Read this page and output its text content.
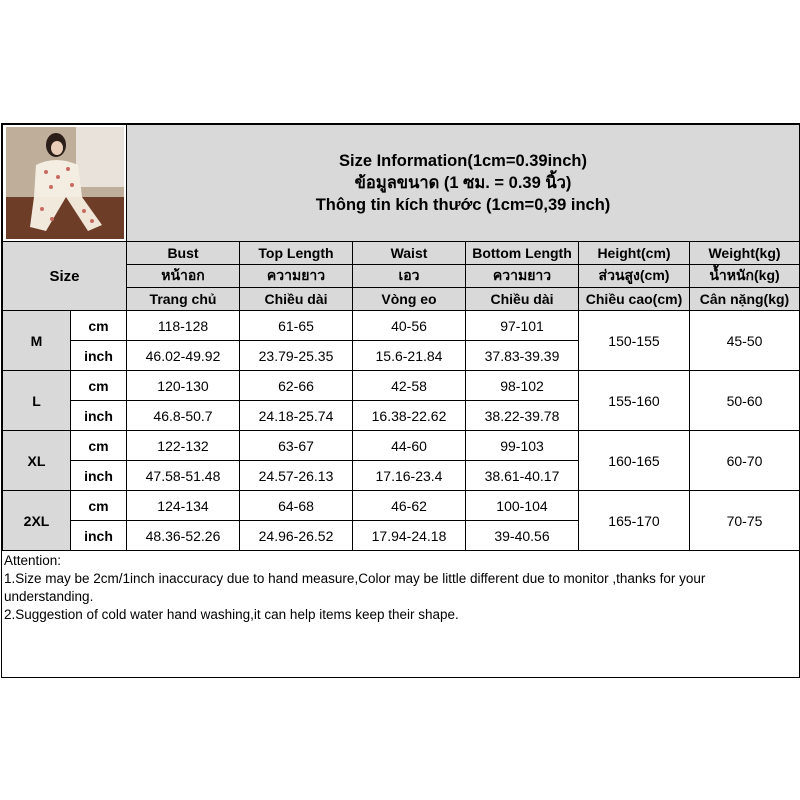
Size Information(1cm=0.39inch)
ข้อมูลขนาด (1 ซม. = 0.39 นิ้ว)
Thông tin kích thước (1cm=0,39 inch)					

Size		Bust	Top Length	Waist	Bottom Length	Height(cm)	Weight(kg)
		หน้าอก	ความยาว	เอว	ความยาว	ส่วนสูง(cm)	น้ำหนัก(kg)
		Trang chủ	Chiều dài	Vòng eo	Chiều dài	Chiều cao(cm)	Cân nặng(kg)
M	cm	118-128	61-65	40-56	97-101	150-155	45-50
	inch	46.02-49.92	23.79-25.35	15.6-21.84	37.83-39.39		
L	cm	120-130	62-66	42-58	98-102	155-160	50-60
	inch	46.8-50.7	24.18-25.74	16.38-22.62	38.22-39.78		
XL	cm	122-132	63-67	44-60	99-103	160-165	60-70
	inch	47.58-51.48	24.57-26.13	17.16-23.4	38.61-40.17		
2XL	cm	124-134	64-68	46-62	100-104	165-170	70-75
	inch	48.36-52.26	24.96-26.52	17.94-24.18	39-40.56		
Attention:
1.Size may be 2cm/1inch inaccuracy due to hand measure,Color may be little different due to monitor ,thanks for your understanding.
2.Suggestion of cold water hand washing,it can help items keep their shape.
